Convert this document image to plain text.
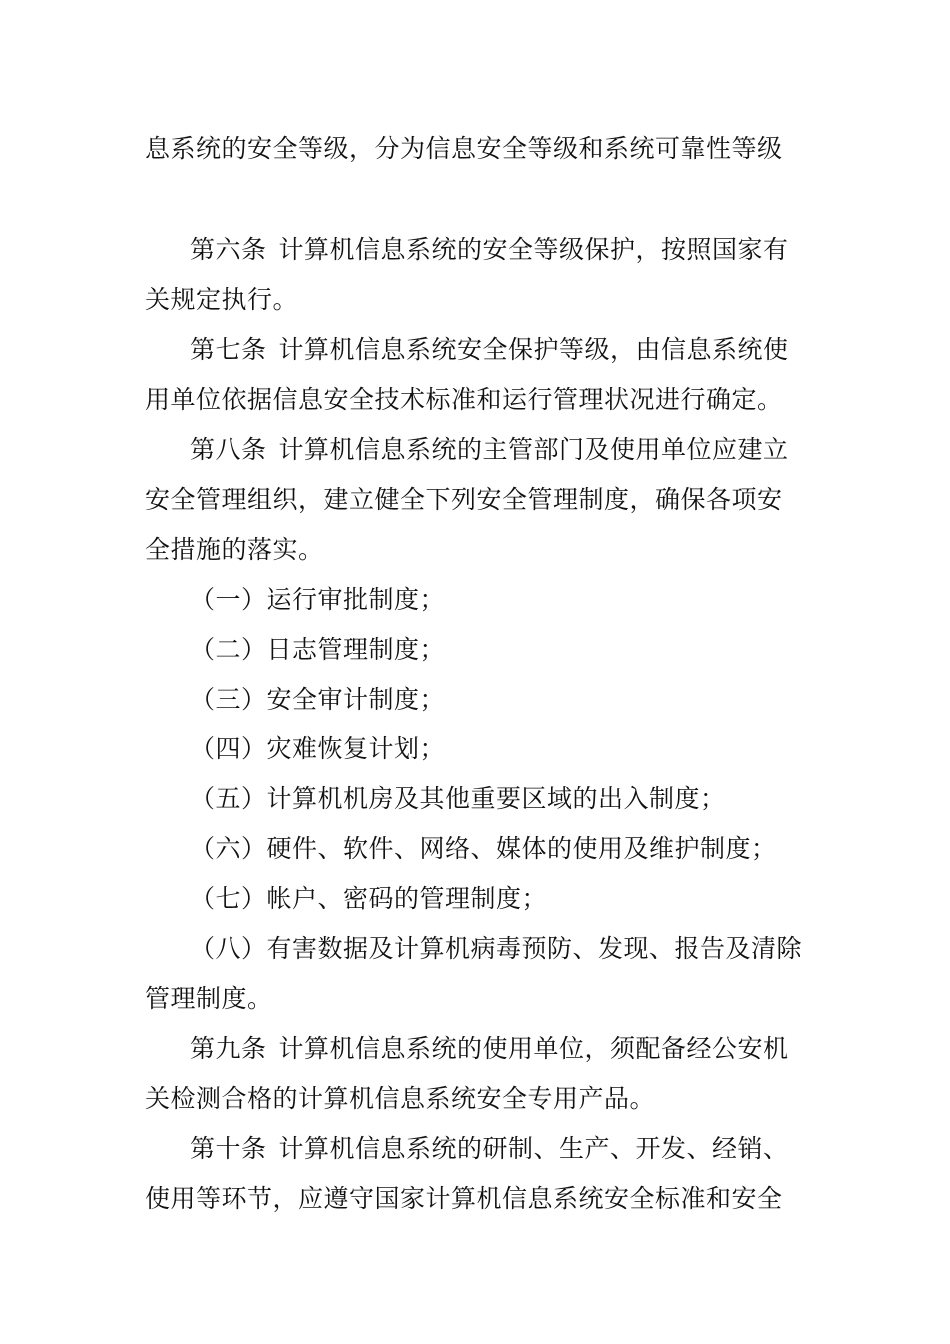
息系统的安全等级，分为信息安全等级和系统可靠性等级
第六条 计算机信息系统的安全等级保护，按照国家有
关规定执行。
第七条 计算机信息系统安全保护等级，由信息系统使
用单位依据信息安全技术标准和运行管理状况进行确定。
第八条 计算机信息系统的主管部门及使用单位应建立
安全管理组织，建立健全下列安全管理制度，确保各项安
全措施的落实。
（一）运行审批制度；
（二）日志管理制度；
（三）安全审计制度；
（四）灾难恢复计划；
（五）计算机机房及其他重要区域的出入制度；
（六）硬件、软件、网络、媒体的使用及维护制度；
（七）帐户、密码的管理制度；
（八）有害数据及计算机病毒预防、发现、报告及清除
管理制度。
第九条 计算机信息系统的使用单位，须配备经公安机
关检测合格的计算机信息系统安全专用产品。
第十条 计算机信息系统的研制、生产、开发、经销、
使用等环节，应遵守国家计算机信息系统安全标准和安全
